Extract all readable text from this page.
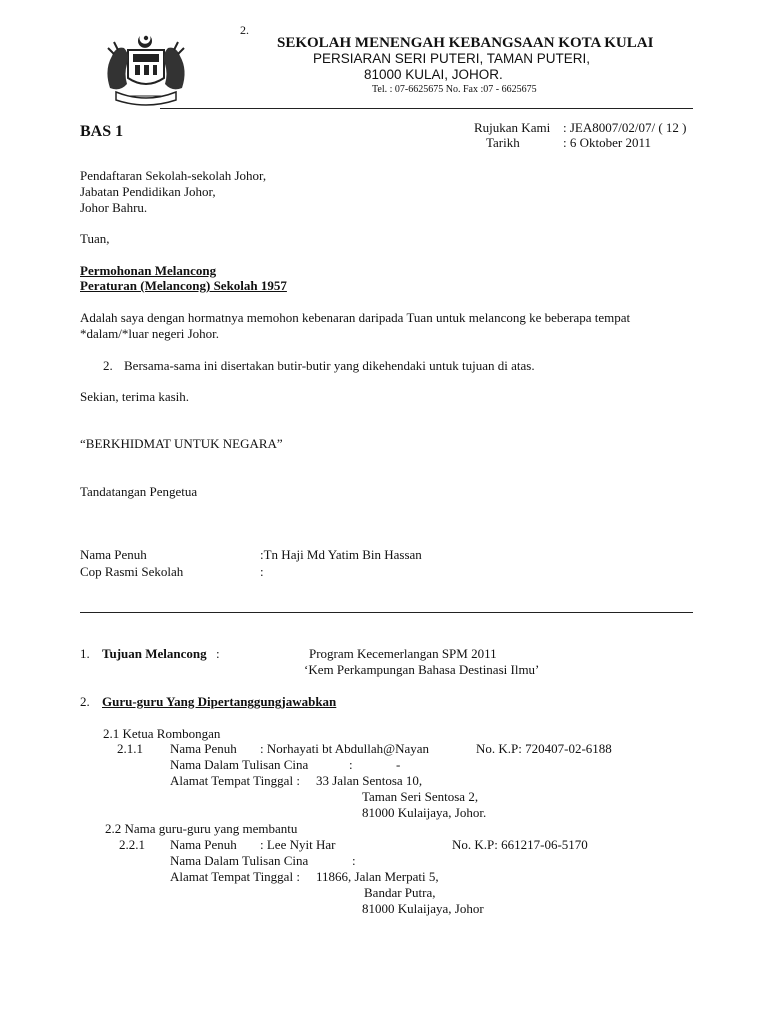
2.
SEKOLAH MENENGAH KEBANGSAAN KOTA KULAI
PERSIARAN SERI PUTERI, TAMAN PUTERI,
81000 KULAI, JOHOR.
Tel. : 07-6625675 No. Fax :07 - 6625675
BAS 1	Rujukan Kami : JEA8007/02/07/ ( 12 )
Tarikh	: 6 Oktober 2011
Pendaftaran Sekolah-sekolah Johor,
Jabatan Pendidikan Johor,
Johor Bahru.
Tuan,
Permohonan Melancong
Peraturan (Melancong) Sekolah 1957
Adalah saya dengan hormatnya memohon kebenaran daripada Tuan untuk melancong ke beberapa tempat
*dalam/*luar negeri Johor.
2. Bersama-sama ini disertakan butir-butir yang dikehendaki untuk tujuan di atas.
Sekian, terima kasih.
“BERKHIDMAT UNTUK NEGARA”
Tandatangan Pengetua
Nama Penuh	:Tn Haji Md Yatim Bin Hassan
Cop Rasmi Sekolah	:
1. Tujuan Melancong :	Program Kecemerlangan SPM 2011
‘Kem Perkampungan Bahasa Destinasi Ilmu’
2. Guru-guru Yang Dipertanggungjawabkan
2.1 Ketua Rombongan
2.1.1 Nama Penuh : Norhayati bt Abdullah@Nayan	No. K.P: 720407-02-6188
Nama Dalam Tulisan Cina	:	-
Alamat Tempat Tinggal : 33 Jalan Sentosa 10,
Taman Seri Sentosa 2,
81000 Kulaijaya, Johor.
2.2 Nama guru-guru yang membantu
2.2.1 Nama Penuh : Lee Nyit Har	No. K.P: 661217-06-5170
Nama Dalam Tulisan Cina	:
Alamat Tempat Tinggal : 11866, Jalan Merpati 5,
Bandar Putra,
81000 Kulaijaya, Johor
